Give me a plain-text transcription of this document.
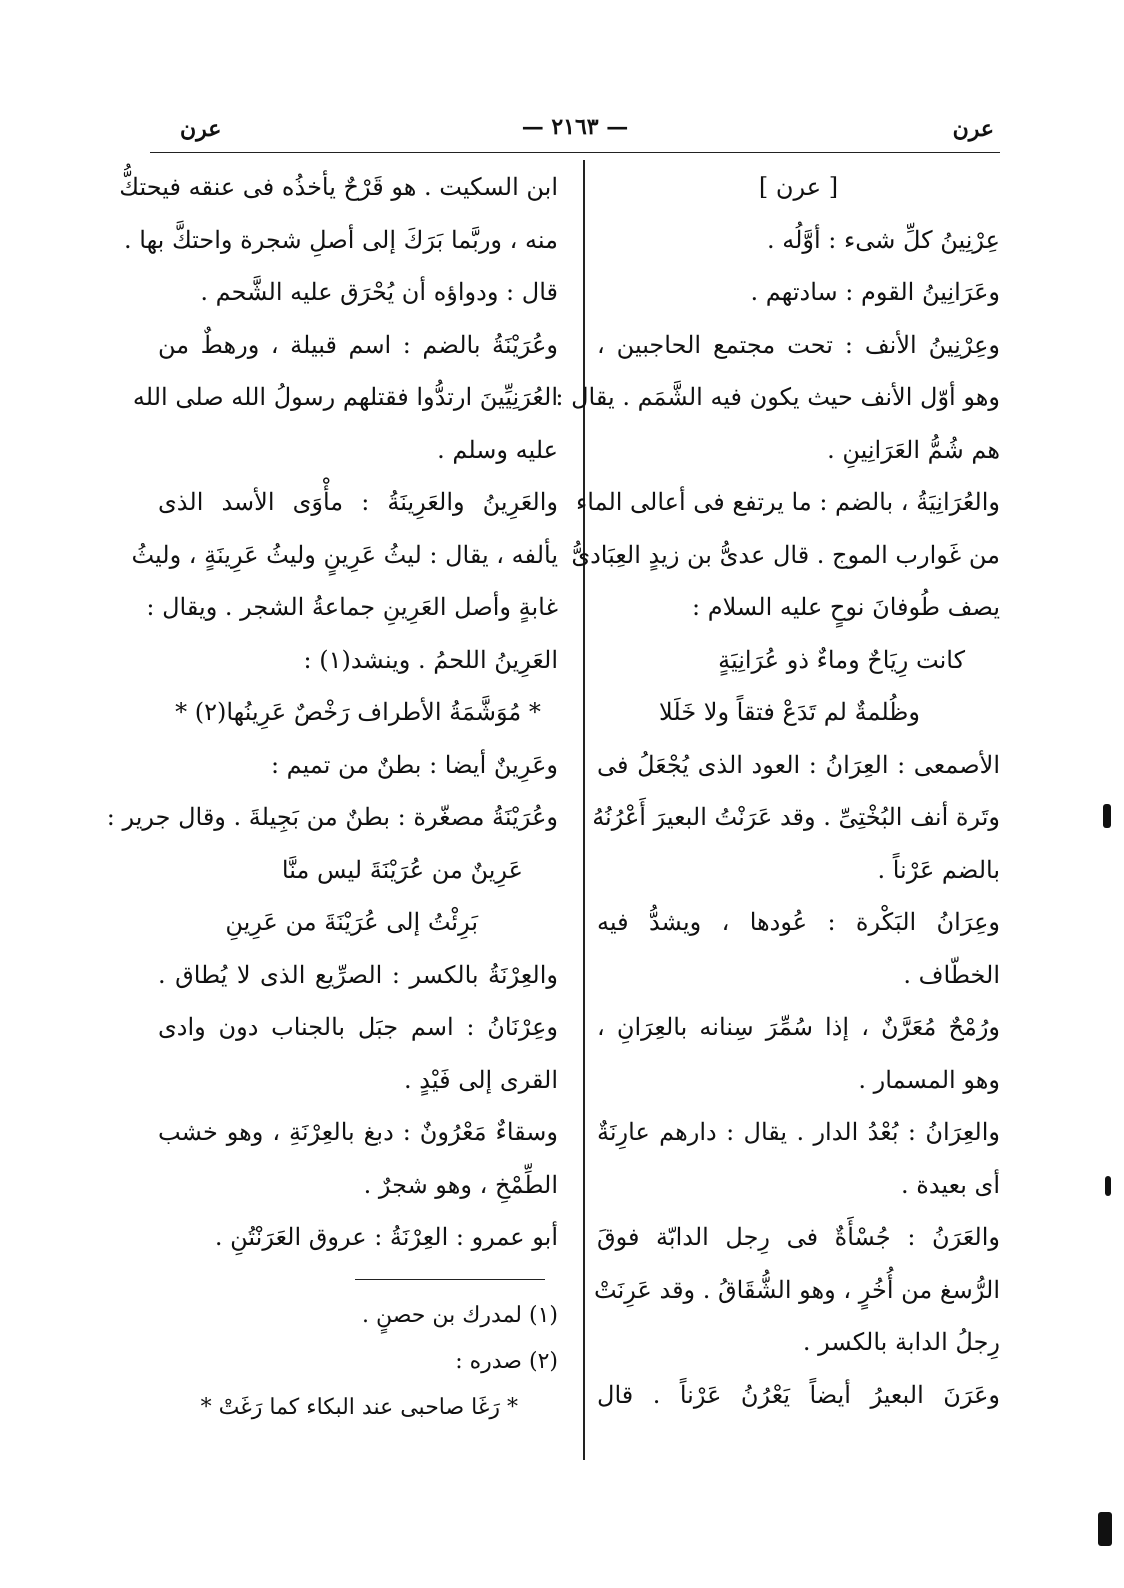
عرن
— ٢١٦٣ —
عرن
[ عرن ]
عِرْنِينُ كلِّ شىء : أوَّلُه .
وعَرَانِينُ القوم : سادتهم .
وعِرْنِينُ الأنف : تحت مجتمع الحاجبين ،
وهو أوّل الأنف حيث يكون فيه الشَّمَم . يقال :
هم شُمُّ العَرَانِينِ .
والعُرَانِيَةُ ، بالضم : ما يرتفع فى أعالى الماء
من غَوارب الموج . قال عدىُّ بن زيدٍ العِبَادىُّ
يصف طُوفانَ نوحٍ عليه السلام :
كانت رِيَاحٌ وماءٌ ذو عُرَانِيَةٍ
وظُلمةٌ لم تَدَعْ فتقاً ولا خَلَلا
الأصمعى : العِرَانُ : العود الذى يُجْعَلُ فى
وتَرة أنف البُخْتِىِّ . وقد عَرَنْتُ البعيرَ أَعْرُنُهُ
بالضم عَرْناً .
وعِرَانُ البَكْرة : عُودها ، ويشدُّ فيه
الخطّاف .
ورُمْحٌ مُعَرَّنٌ ، إذا سُمِّرَ سِنانه بالعِرَانِ ،
وهو المسمار .
والعِرَانُ : بُعْدُ الدار . يقال : دارهم عارِنَةٌ
أى بعيدة .
والعَرَنُ : جُسْأَةٌ فى رِجل الدابّة فوقَ
الرُّسغ من أُخُرٍ ، وهو الشُّقَاقُ . وقد عَرِنَتْ
رِجلُ الدابة بالكسر .
وعَرَنَ البعيرُ أيضاً يَعْرُنُ عَرْناً . قال
ابن السكيت . هو قَرْحٌ يأخذُه فى عنقه فيحتكُّ
منه ، وربَّما بَرَكَ إلى أصلِ شجرة واحتكَّ بها .
قال : ودواؤه أن يُحْرَق عليه الشَّحم .
وعُرَيْنَةُ بالضم : اسم قبيلة ، ورهطٌ من
العُرَنِيِّينَ ارتدُّوا فقتلهم رسولُ الله صلى الله
عليه وسلم .
والعَرِينُ والعَرِينَةُ : مأْوَى الأسد الذى
يألفه ، يقال : ليثُ عَرِينٍ وليثُ عَرِينَةٍ ، وليثُ
غابةٍ وأصل العَرِينِ جماعةُ الشجر . ويقال :
العَرِينُ اللحمُ . وينشد(١) :
* مُوَشَّمَةُ الأطراف رَخْصٌ عَرِينُها(٢) *
وعَرِينٌ أيضا : بطنٌ من تميم :
وعُرَيْنَةُ مصغّرة : بطنٌ من بَجِيلةَ . وقال جرير :
عَرِينٌ من عُرَيْنَةَ ليس منَّا
بَرِئْتُ إلى عُرَيْنَةَ من عَرِينِ
والعِرْنَةُ بالكسر : الصرِّيع الذى لا يُطاق .
وعِرْنَانُ : اسم جبَل بالجناب دون وادى
القرى إلى فَيْدٍ .
وسقاءٌ مَعْرُونٌ : دبغ بالعِرْنَةِ ، وهو خشب
الطِّمْخِ ، وهو شجرٌ .
أبو عمرو : العِرْنَةُ : عروق العَرَنْتُنِ .
(١) لمدرك بن حصنٍ .
(٢) صدره :
* رَغَا صاحبى عند البكاء كما رَغَتْ *
